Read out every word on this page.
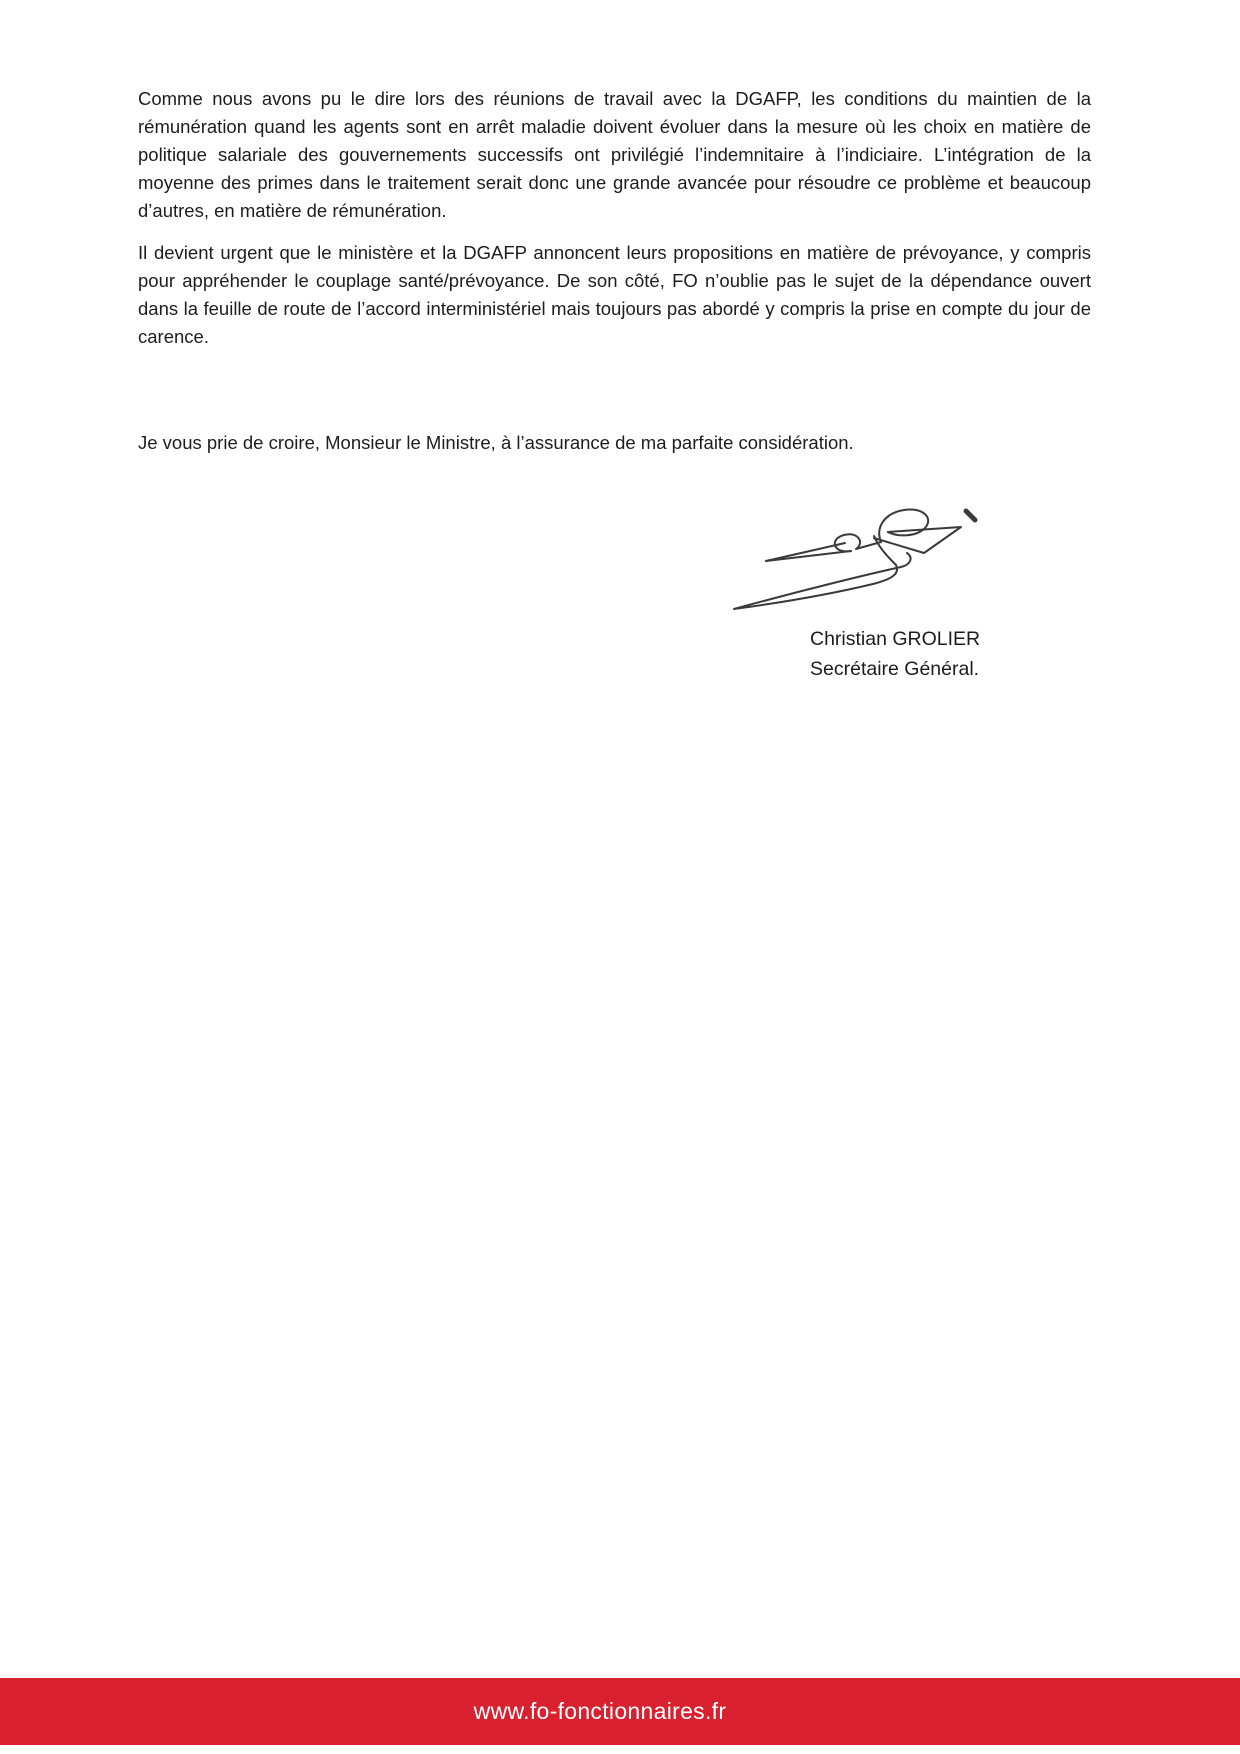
Comme nous avons pu le dire lors des réunions de travail avec la DGAFP, les conditions du maintien de la rémunération quand les agents sont en arrêt maladie doivent évoluer dans la mesure où les choix en matière de politique salariale des gouvernements successifs ont privilégié l’indemnitaire à l’indiciaire. L’intégration de la moyenne des primes dans le traitement serait donc une grande avancée pour résoudre ce problème et beaucoup d’autres, en matière de rémunération.

Il devient urgent que le ministère et la DGAFP annoncent leurs propositions en matière de prévoyance, y compris pour appréhender le couplage santé/prévoyance. De son côté, FO n’oublie pas le sujet de la dépendance ouvert dans la feuille de route de l’accord interministériel mais toujours pas abordé y compris la prise en compte du jour de carence.

Je vous prie de croire, Monsieur le Ministre, à l’assurance de ma parfaite considération.

Christian GROLIER
Secrétaire Général.
www.fo-fonctionnaires.fr
